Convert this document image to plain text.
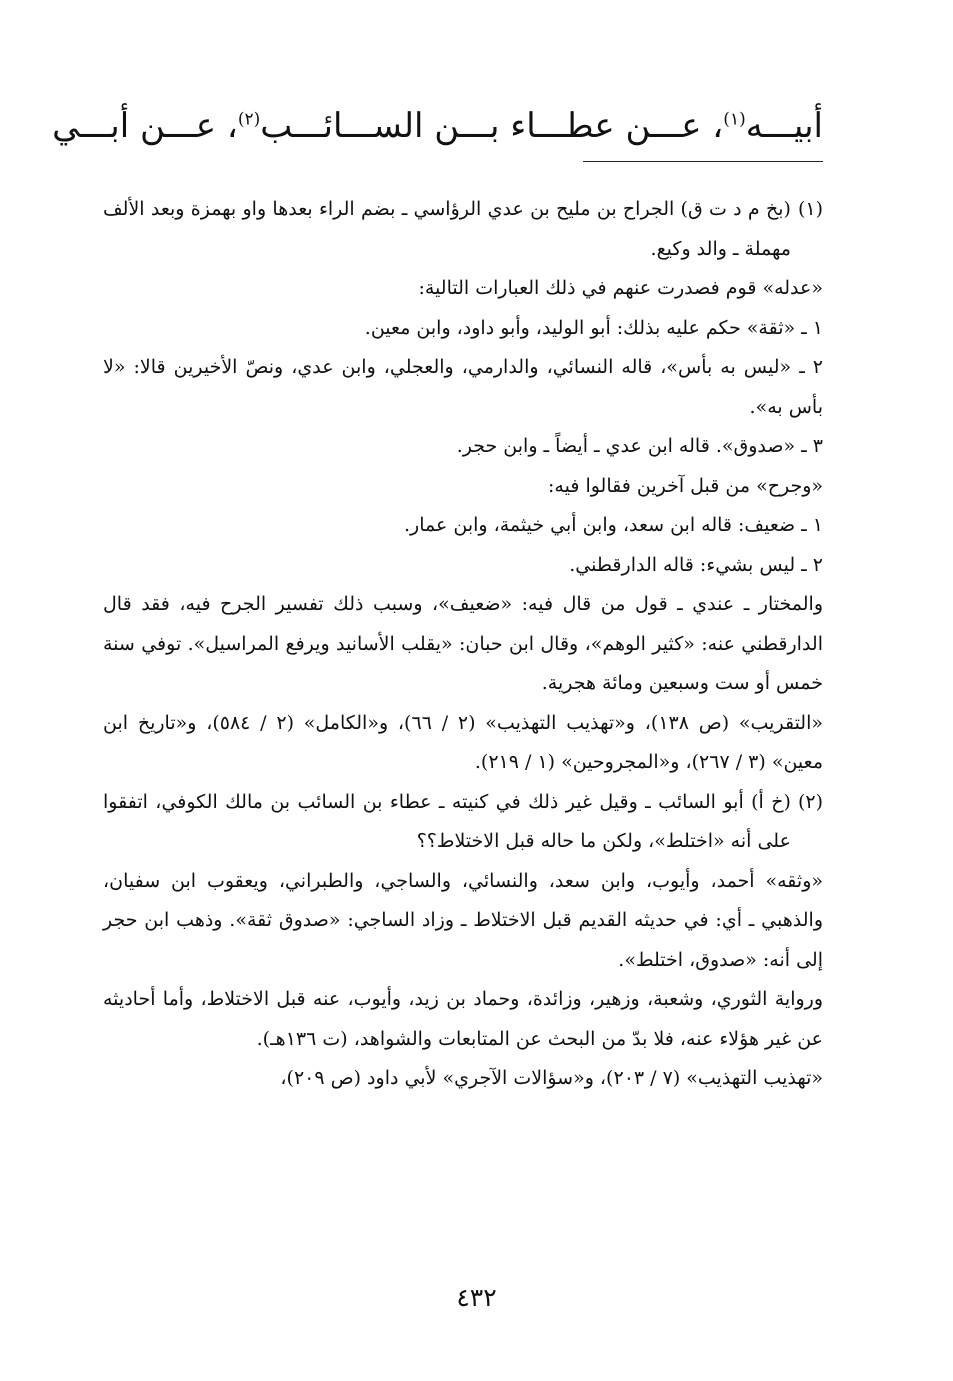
أبيـــه$^{(١)}$
، عـــن عطـــاء بـــن الســـائـــب$^{(٢)}$
، عـــن أبـــي
(١)

(بخ م د ت ق) الجراح بن مليح بن عدي الرؤاسي ـ بضم الراء بعدها واو بهمزة وبعد الألف مهملة ـ والد وكيع.

«عدله» قوم فصدرت عنهم في ذلك العبارات التالية:

١ ـ «ثقة» حكم عليه بذلك: أبو الوليد، وأبو داود، وابن معين.

٢ ـ «ليس به بأس»، قاله النسائي، والدارمي، والعجلي، وابن عدي، ونصّ الأخيرين قالا: «لا بأس به».

٣ ـ «صدوق». قاله ابن عدي ـ أيضاً ـ وابن حجر.

«وجرح» من قبل آخرين فقالوا فيه:

١ ـ ضعيف: قاله ابن سعد، وابن أبي خيثمة، وابن عمار.

٢ ـ ليس بشيء: قاله الدارقطني.

والمختار ـ عندي ـ قول من قال فيه: «ضعيف»، وسبب ذلك تفسير الجرح فيه، فقد قال الدارقطني عنه: «كثير الوهم»، وقال ابن حبان: «يقلب الأسانيد ويرفع المراسيل». توفي سنة خمس أو ست وسبعين ومائة هجرية.

«التقريب» (ص ١٣٨)، و«تهذيب التهذيب» (٢ / ٦٦)، و«الكامل» (٢ / ٥٨٤)، و«تاريخ ابن معين» (٣ / ٢٦٧)، و«المجروحين» (١ / ٢١٩).

(٢)

(خ أ) أبو السائب ـ وقيل غير ذلك في كنيته ـ عطاء بن السائب بن مالك الكوفي، اتفقوا على أنه «اختلط»، ولكن ما حاله قبل الاختلاط؟؟

«وثقه» أحمد، وأيوب، وابن سعد، والنسائي، والساجي، والطبراني، ويعقوب ابن سفيان، والذهبي ـ أي: في حديثه القديم قبل الاختلاط ـ وزاد الساجي: «صدوق ثقة». وذهب ابن حجر إلى أنه: «صدوق، اختلط».

ورواية الثوري، وشعبة، وزهير، وزائدة، وحماد بن زيد، وأيوب، عنه قبل الاختلاط، وأما أحاديثه عن غير هؤلاء عنه، فلا بدّ من البحث عن المتابعات والشواهد، (ت ١٣٦هـ).

«تهذيب التهذيب» (٧ / ٢٠٣)، و«سؤالات الآجري» لأبي داود (ص ٢٠٩)،

٤٣٢
